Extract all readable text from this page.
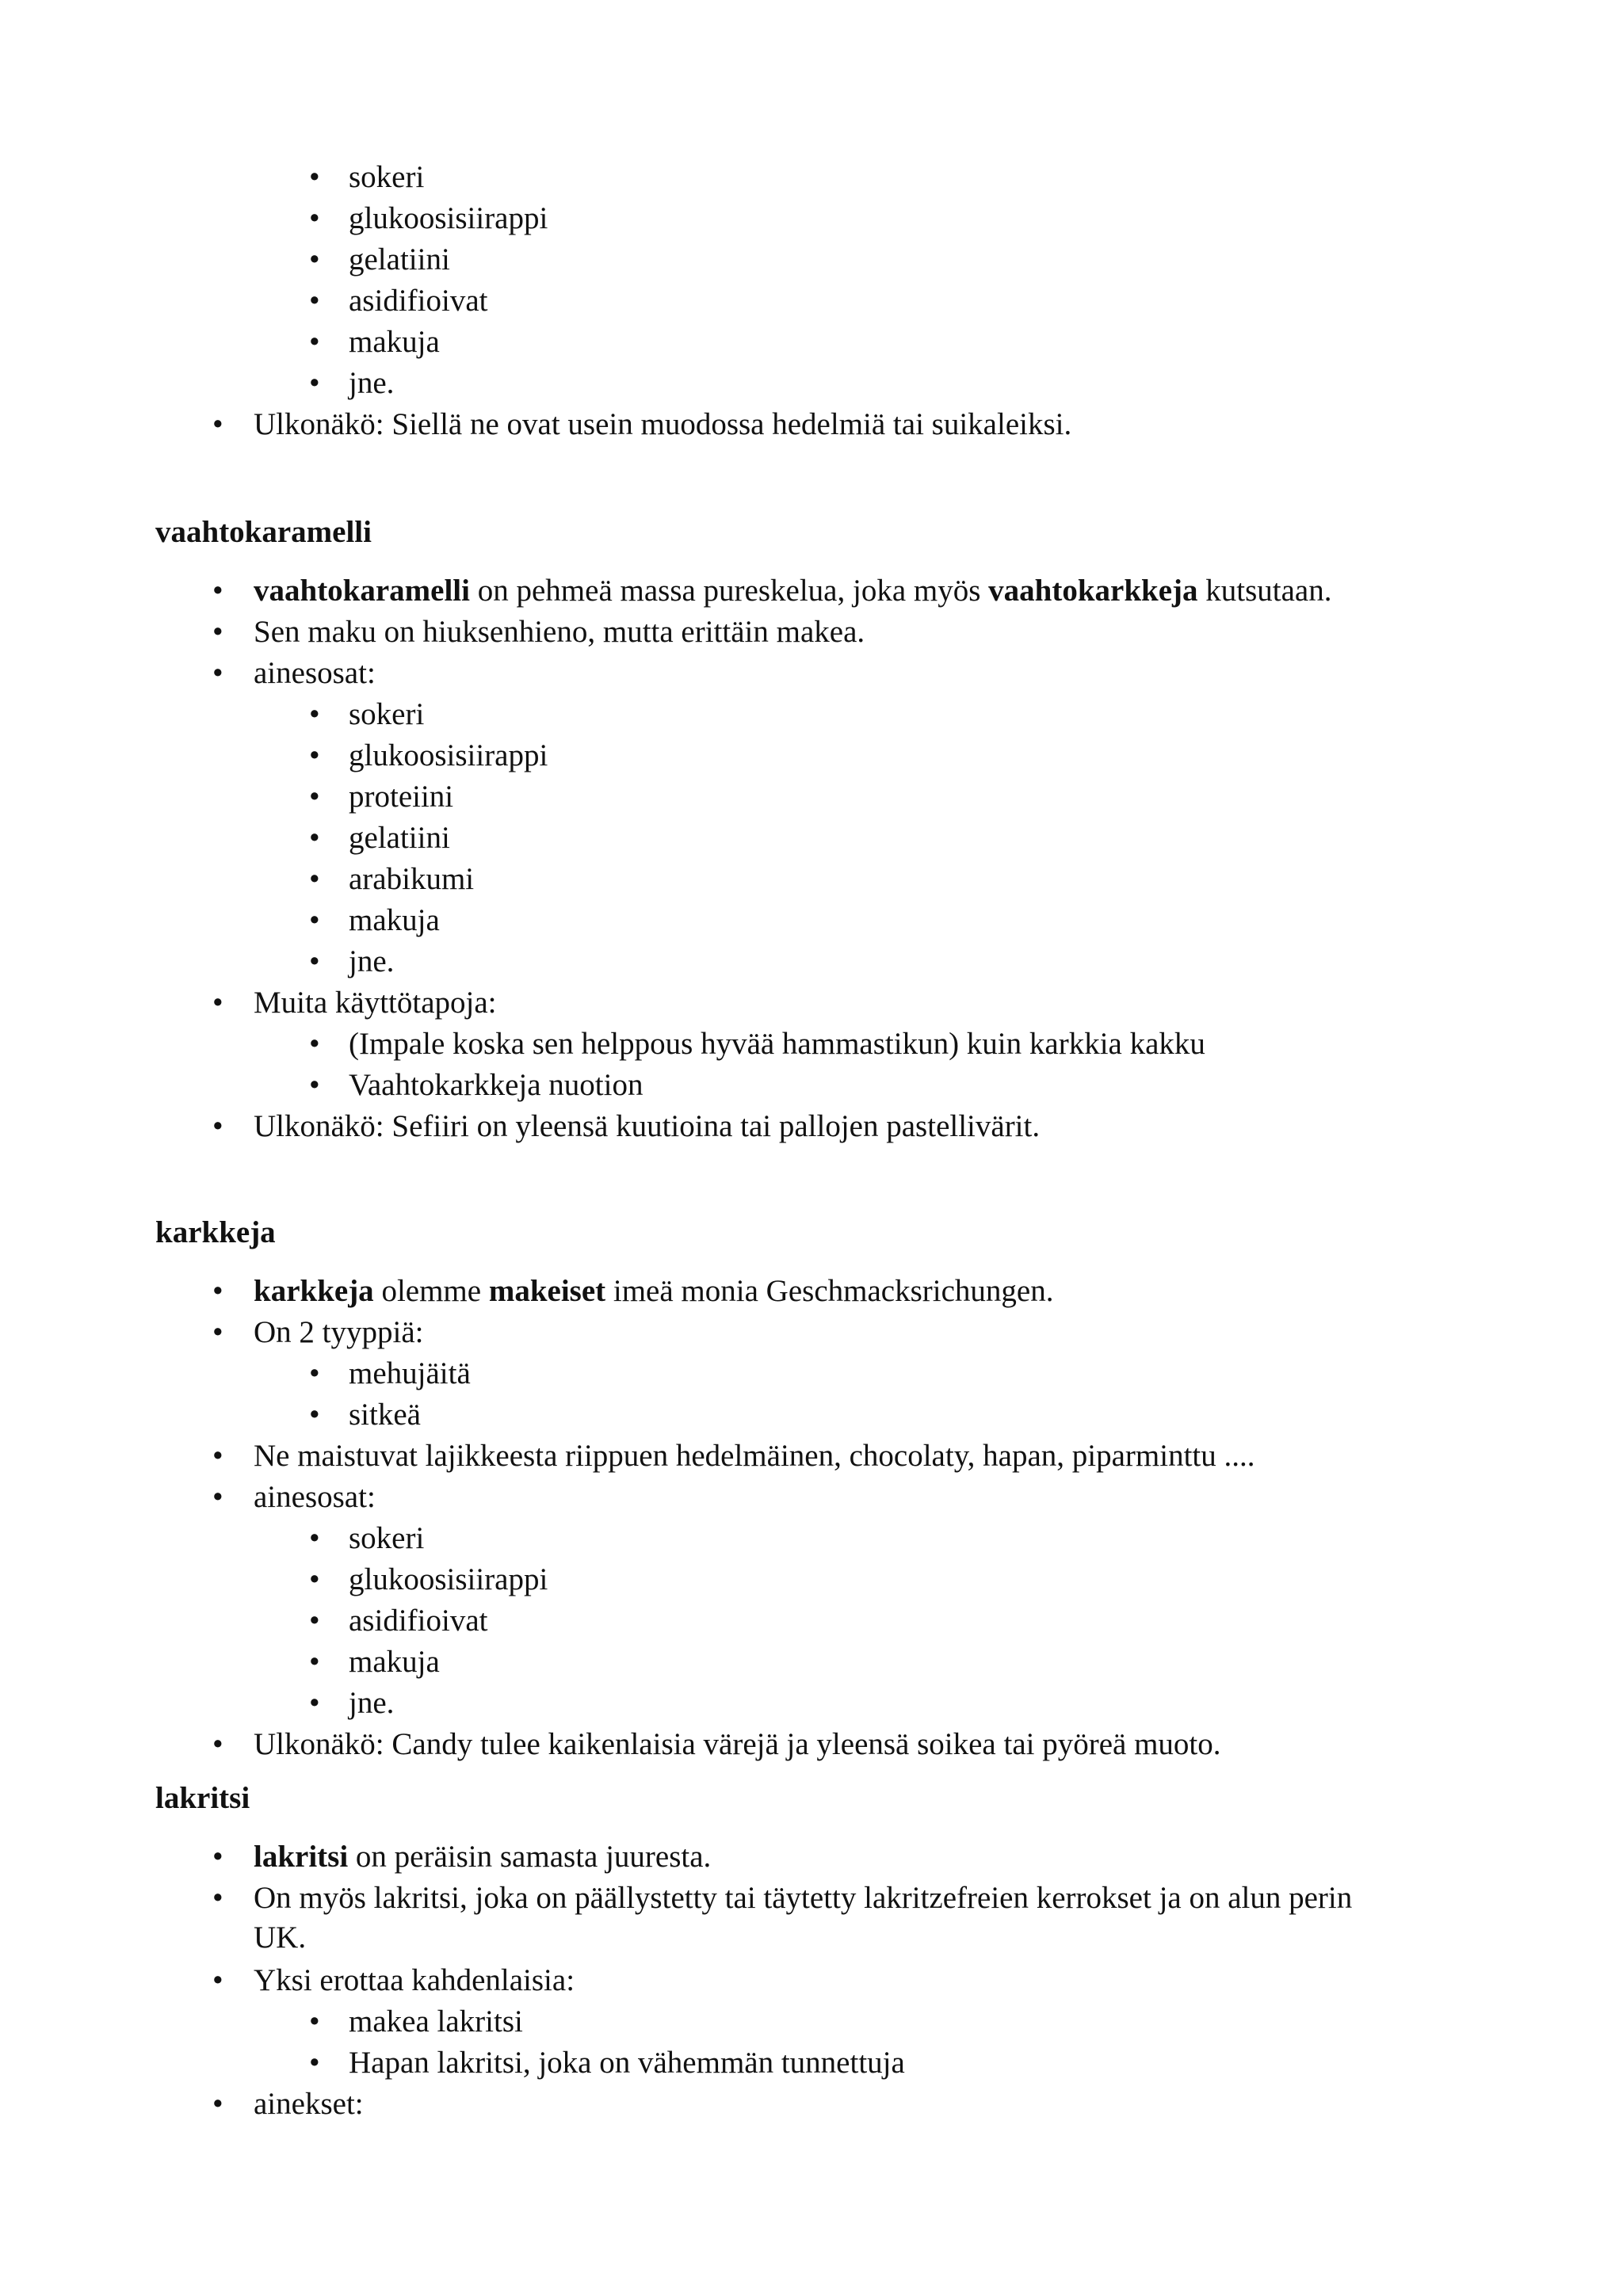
• sokeri
• glukoosisiirappi
• gelatiini
• asidifioivat
• makuja
• jne.
• Ulkonäkö: Siellä ne ovat usein muodossa hedelmiä tai suikaleiksi.
vaahtokaramelli
• vaahtokaramelli on pehmeä massa pureskelua, joka myös vaahtokarkkeja kutsutaan.
• Sen maku on hiuksenhieno, mutta erittäin makea.
• ainesosat:
• sokeri
• glukoosisiirappi
• proteiini
• gelatiini
• arabikumi
• makuja
• jne.
• Muita käyttötapoja:
• (Impale koska sen helppous hyvää hammastikun) kuin karkkia kakku
• Vaahtokarkkeja nuotion
• Ulkonäkö: Sefiiri on yleensä kuutioina tai pallojen pastellivärit.
karkkeja
• karkkeja olemme makeiset imeä monia Geschmacksrichungen.
• On 2 tyyppiä:
• mehujäitä
• sitkeä
• Ne maistuvat lajikkeesta riippuen hedelmäinen, chocolaty, hapan, piparminttu ....
• ainesosat:
• sokeri
• glukoosisiirappi
• asidifioivat
• makuja
• jne.
• Ulkonäkö: Candy tulee kaikenlaisia värejä ja yleensä soikea tai pyöreä muoto.
lakritsi
• lakritsi on peräisin samasta juuresta.
• On myös lakritsi, joka on päällystetty tai täytetty lakritzefreien kerrokset ja on alun perin
UK.
• Yksi erottaa kahdenlaisia:
• makea lakritsi
• Hapan lakritsi, joka on vähemmän tunnettuja
• ainekset:
